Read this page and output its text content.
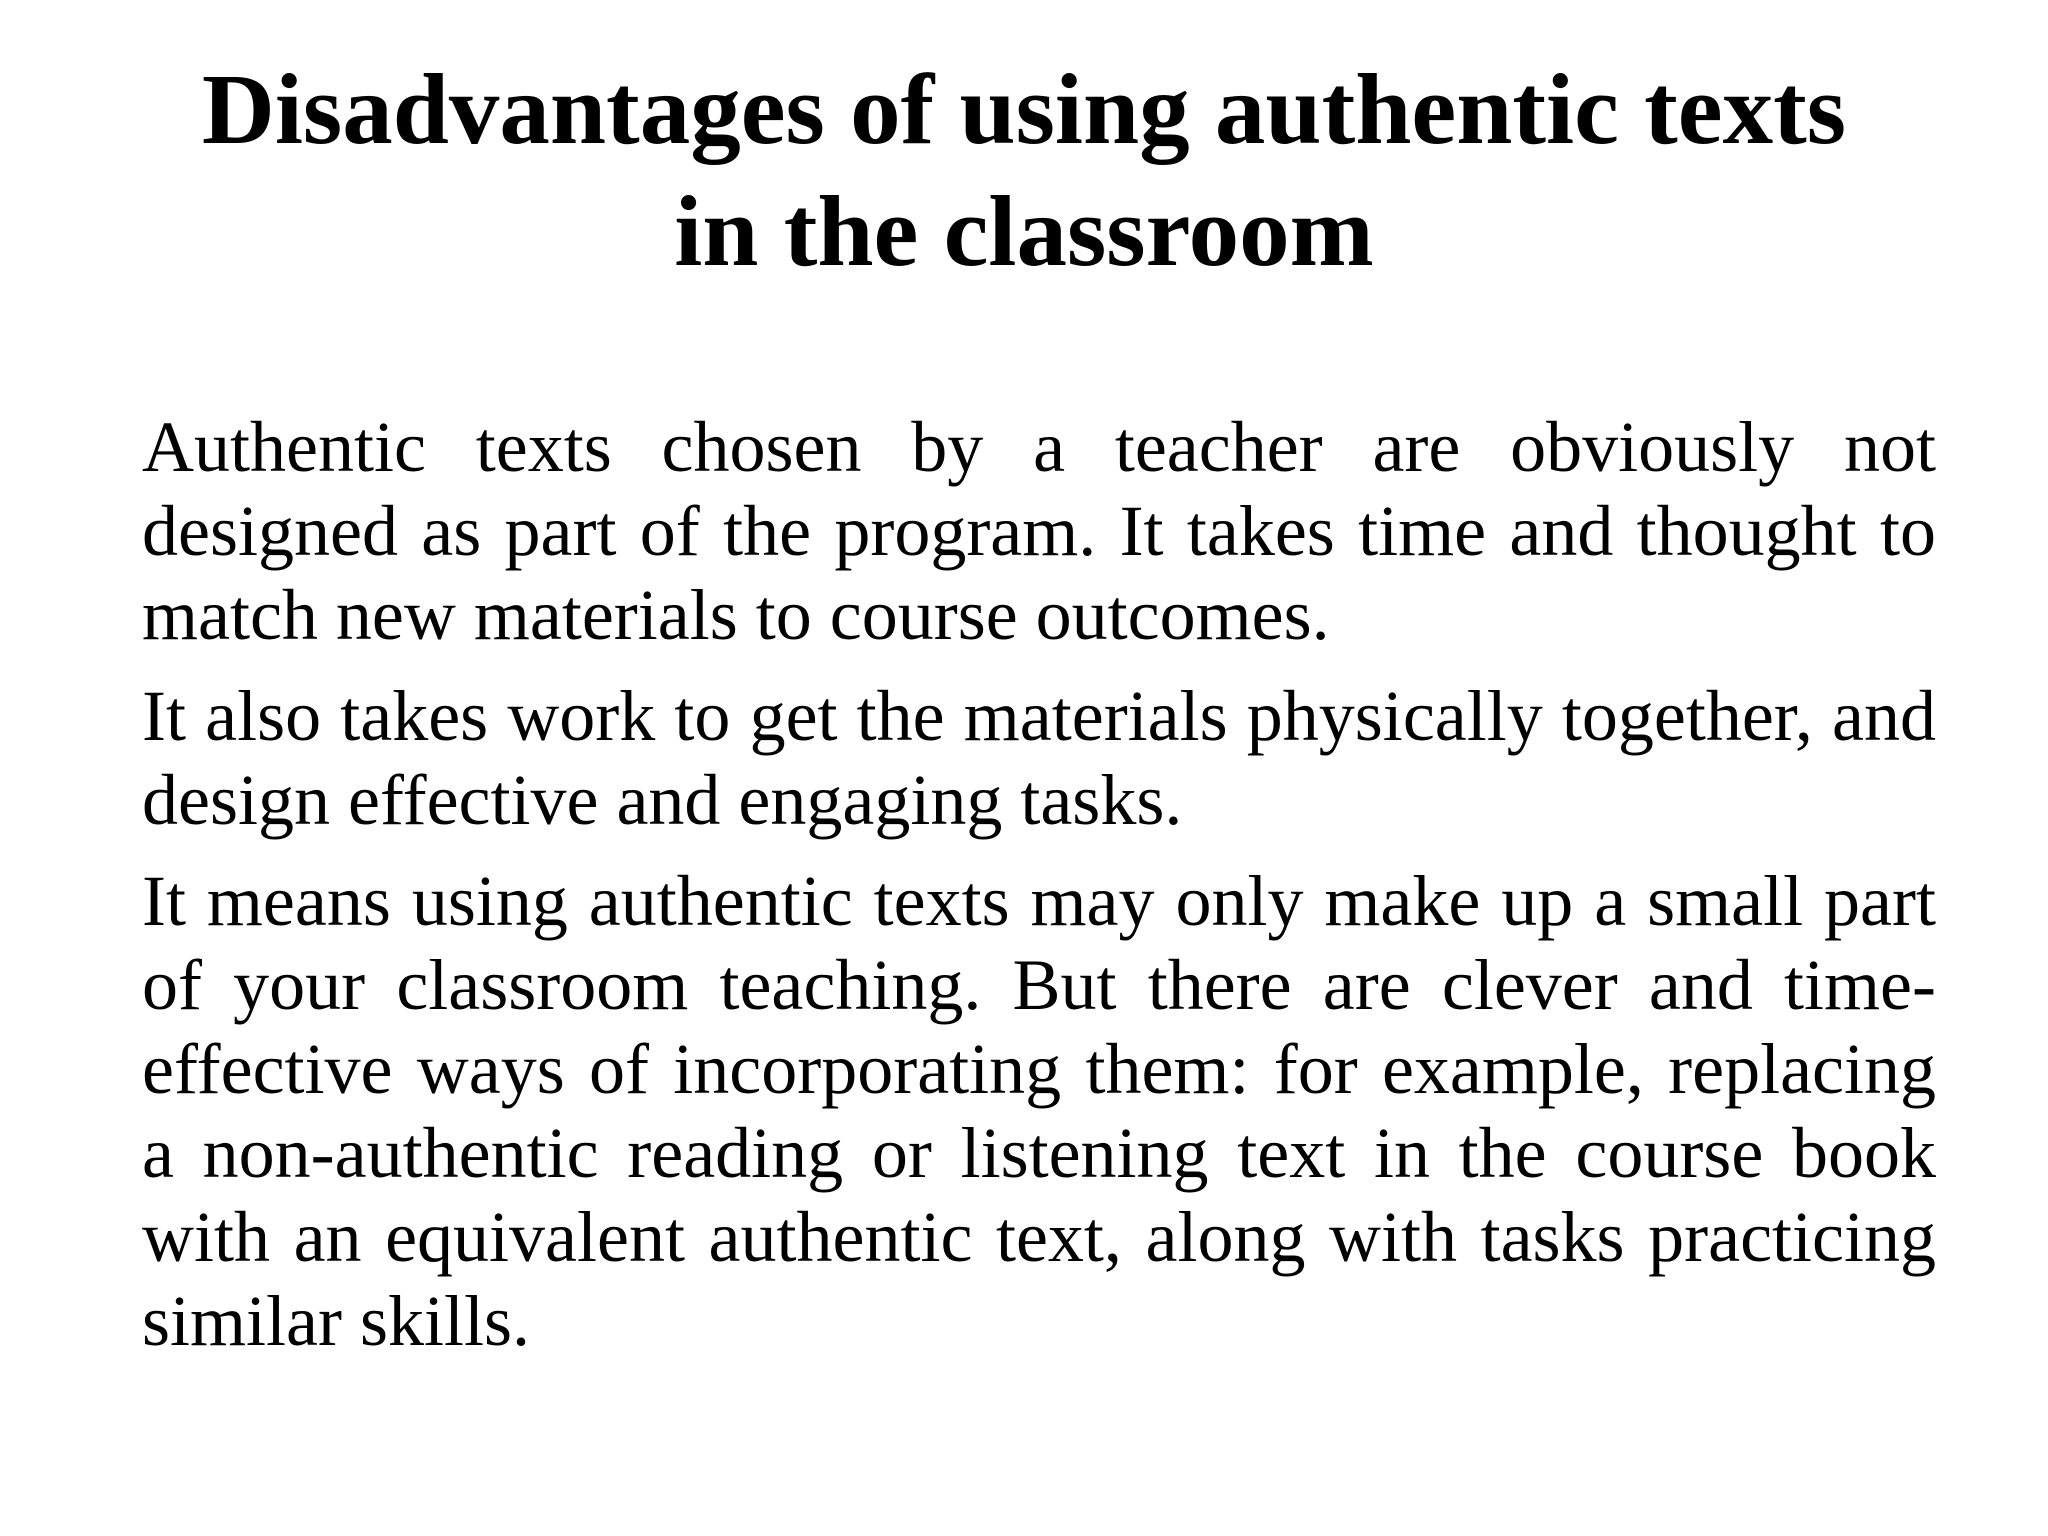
Disadvantages of using authentic texts
in the classroom

Authentic texts chosen by a teacher are obviously not designed as part of the program. It takes time and thought to match new materials to course outcomes.

It also takes work to get the materials physically together, and design effective and engaging tasks.

It means using authentic texts may only make up a small part of your classroom teaching. But there are clever and time-effective ways of incorporating them: for example, replacing a non-authentic reading or listening text in the course book with an equivalent authentic text, along with tasks practicing similar skills.
